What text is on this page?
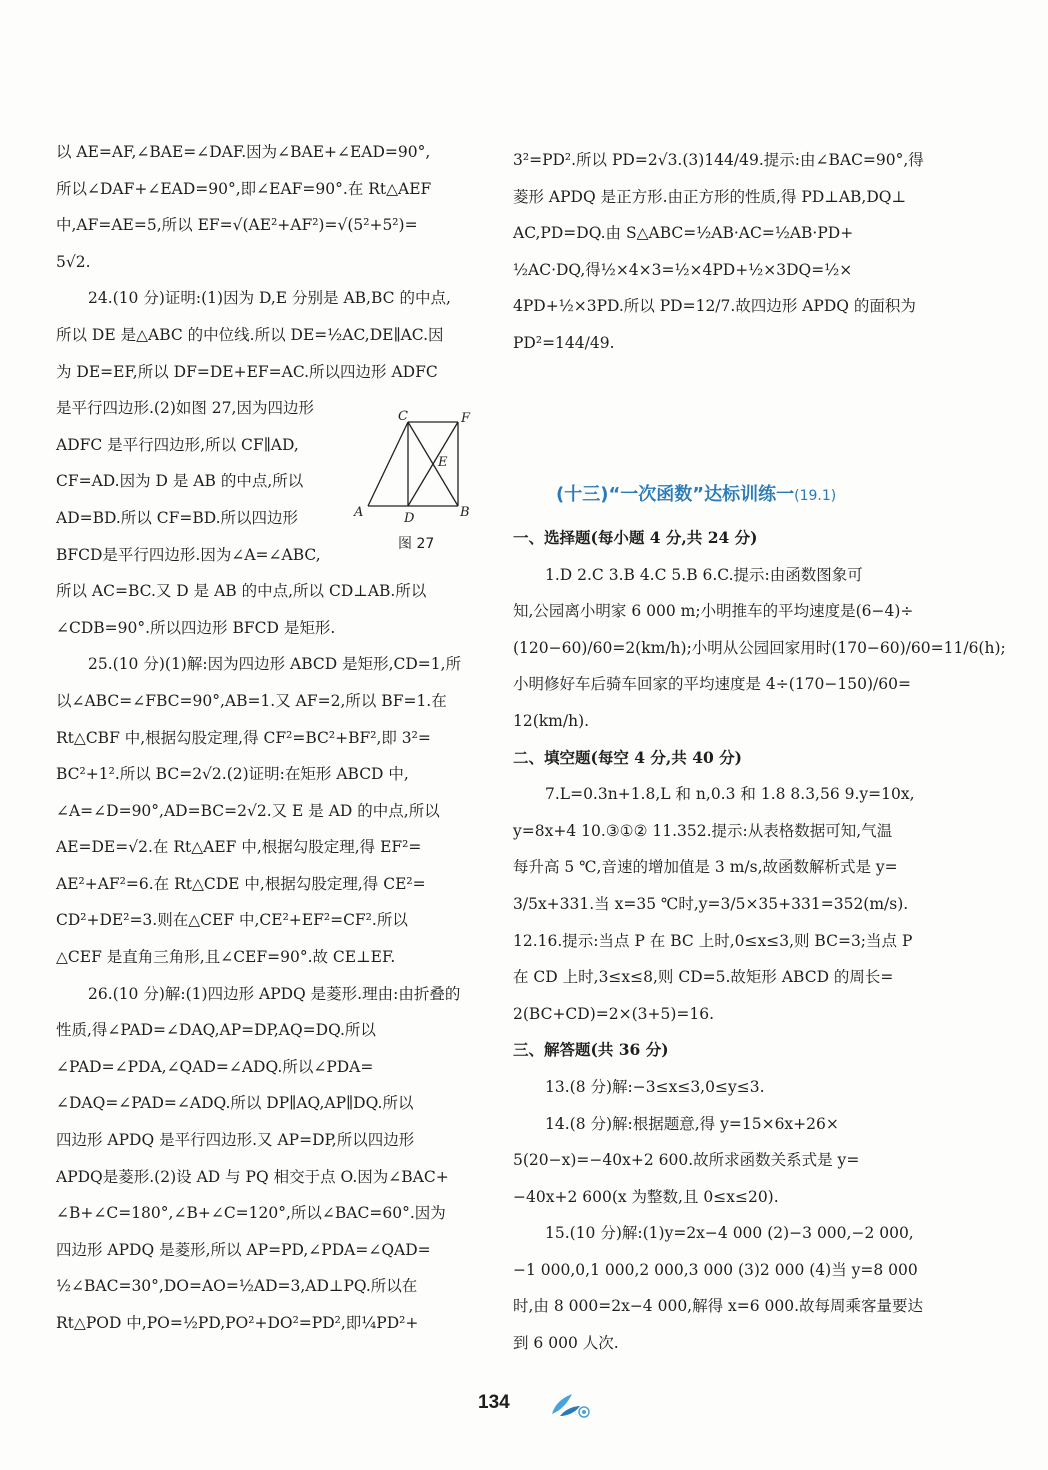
以 AE=AF,∠BAE=∠DAF.因为∠BAE+∠EAD=90°,
所以∠DAF+∠EAD=90°,即∠EAF=90°.在 Rt△AEF
中,AF=AE=5,所以 EF=√(AE²+AF²)=√(5²+5²)=
5√2.
24.(10 分)证明:(1)因为 D,E 分别是 AB,BC 的中点,
所以 DE 是△ABC 的中位线.所以 DE=½AC,DE∥AC.因
为 DE=EF,所以 DF=DE+EF=AC.所以四边形 ADFC
是平行四边形.(2)如图 27,因为四边形
ADFC 是平行四边形,所以 CF∥AD,
CF=AD.因为 D 是 AB 的中点,所以
AD=BD.所以 CF=BD.所以四边形
BFCD是平行四边形.因为∠A=∠ABC,
所以 AC=BC.又 D 是 AB 的中点,所以 CD⊥AB.所以
∠CDB=90°.所以四边形 BFCD 是矩形.
25.(10 分)(1)解:因为四边形 ABCD 是矩形,CD=1,所
以∠ABC=∠FBC=90°,AB=1.又 AF=2,所以 BF=1.在
Rt△CBF 中,根据勾股定理,得 CF²=BC²+BF²,即 3²=
BC²+1².所以 BC=2√2.(2)证明:在矩形 ABCD 中,
∠A=∠D=90°,AD=BC=2√2.又 E 是 AD 的中点,所以
AE=DE=√2.在 Rt△AEF 中,根据勾股定理,得 EF²=
AE²+AF²=6.在 Rt△CDE 中,根据勾股定理,得 CE²=
CD²+DE²=3.则在△CEF 中,CE²+EF²=CF².所以
△CEF 是直角三角形,且∠CEF=90°.故 CE⊥EF.
26.(10 分)解:(1)四边形 APDQ 是菱形.理由:由折叠的
性质,得∠PAD=∠DAQ,AP=DP,AQ=DQ.所以
∠PAD=∠PDA,∠QAD=∠ADQ.所以∠PDA=
∠DAQ=∠PAD=∠ADQ.所以 DP∥AQ,AP∥DQ.所以
四边形 APDQ 是平行四边形.又 AP=DP,所以四边形
APDQ是菱形.(2)设 AD 与 PQ 相交于点 O.因为∠BAC+
∠B+∠C=180°,∠B+∠C=120°,所以∠BAC=60°.因为
四边形 APDQ 是菱形,所以 AP=PD,∠PDA=∠QAD=
½∠BAC=30°,DO=AO=½AD=3,AD⊥PQ.所以在
Rt△POD 中,PO=½PD,PO²+DO²=PD²,即¼PD²+
C	F
E
A	D	B
图 27
3²=PD².所以 PD=2√3.(3)144/49.提示:由∠BAC=90°,得
菱形 APDQ 是正方形.由正方形的性质,得 PD⊥AB,DQ⊥
AC,PD=DQ.由 S△ABC=½AB·AC=½AB·PD+
½AC·DQ,得½×4×3=½×4PD+½×3DQ=½×
4PD+½×3PD.所以 PD=12/7.故四边形 APDQ 的面积为
PD²=144/49.
(十三)“一次函数”达标训练一(19.1)
一、选择题(每小题 4 分,共 24 分)
1.D 2.C 3.B 4.C 5.B 6.C.提示:由函数图象可
知,公园离小明家 6 000 m;小明推车的平均速度是(6−4)÷
(120−60)/60=2(km/h);小明从公园回家用时(170−60)/60=11/6(h);
小明修好车后骑车回家的平均速度是 4÷(170−150)/60=
12(km/h).
二、填空题(每空 4 分,共 40 分)
7.L=0.3n+1.8,L 和 n,0.3 和 1.8 8.3,56 9.y=10x,
y=8x+4 10.③①② 11.352.提示:从表格数据可知,气温
每升高 5 ℃,音速的增加值是 3 m/s,故函数解析式是 y=
3/5x+331.当 x=35 ℃时,y=3/5×35+331=352(m/s).
12.16.提示:当点 P 在 BC 上时,0≤x≤3,则 BC=3;当点 P
在 CD 上时,3≤x≤8,则 CD=5.故矩形 ABCD 的周长=
2(BC+CD)=2×(3+5)=16.
三、解答题(共 36 分)
13.(8 分)解:−3≤x≤3,0≤y≤3.
14.(8 分)解:根据题意,得 y=15×6x+26×
5(20−x)=−40x+2 600.故所求函数关系式是 y=
−40x+2 600(x 为整数,且 0≤x≤20).
15.(10 分)解:(1)y=2x−4 000 (2)−3 000,−2 000,
−1 000,0,1 000,2 000,3 000 (3)2 000 (4)当 y=8 000
时,由 8 000=2x−4 000,解得 x=6 000.故每周乘客量要达
到 6 000 人次.
134
